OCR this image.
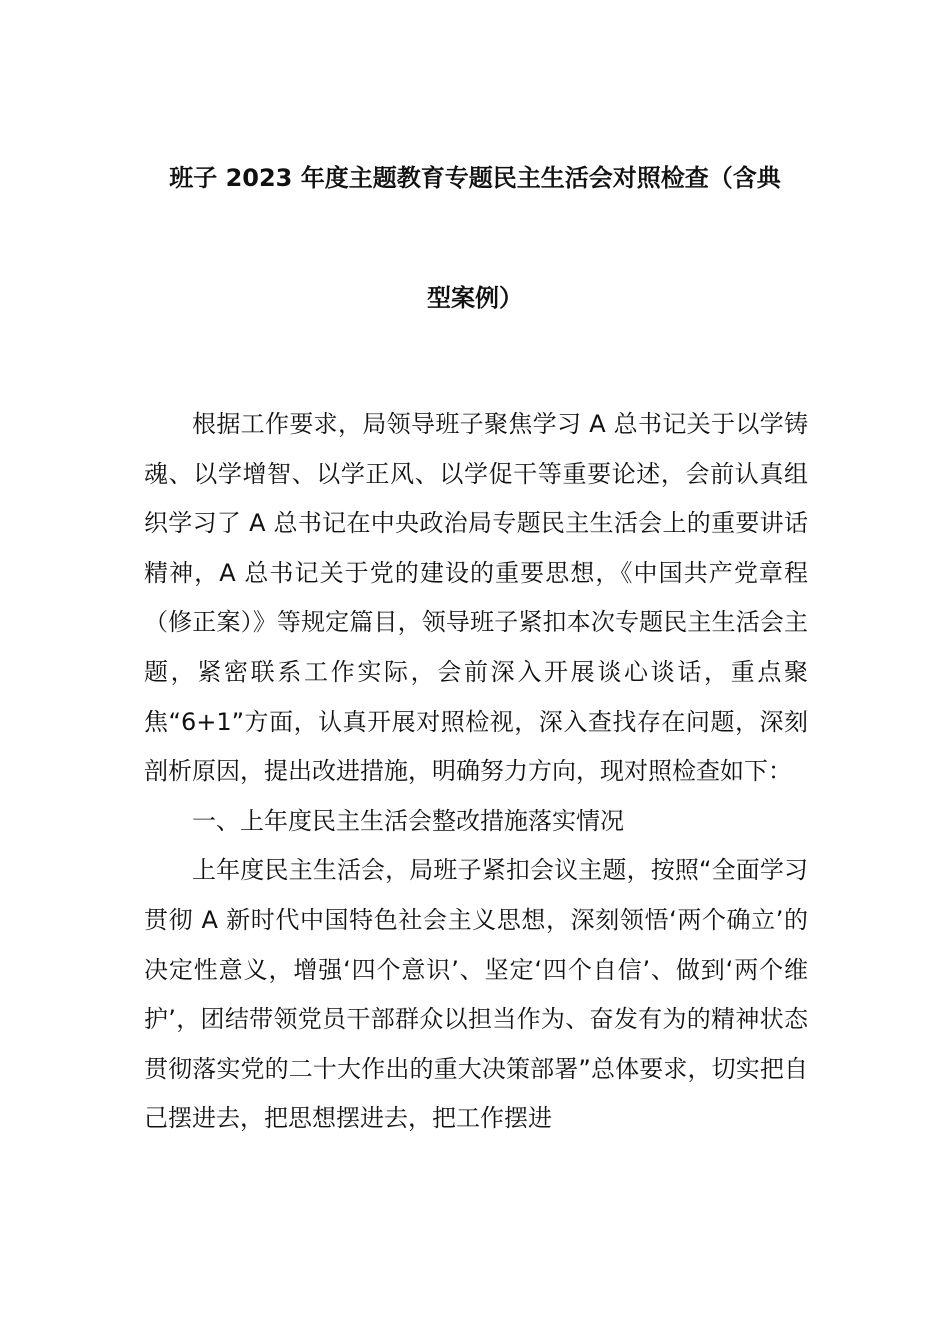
班子 2023 年度主题教育专题民主生活会对照检查（含典
型案例）

根据工作要求，局领导班子聚焦学习 A 总书记关于以学铸魂、以学增智、以学正风、以学促干等重要论述，会前认真组织学习了 A 总书记在中央政治局专题民主生活会上的重要讲话精神，A 总书记关于党的建设的重要思想，《中国共产党章程（修正案）》等规定篇目，领导班子紧扣本次专题民主生活会主题，紧密联系工作实际，会前深入开展谈心谈话，重点聚焦“6+1”方面，认真开展对照检视，深入查找存在问题，深刻剖析原因，提出改进措施，明确努力方向，现对照检查如下：

一、上年度民主生活会整改措施落实情况

上年度民主生活会，局班子紧扣会议主题，按照“全面学习贯彻 A 新时代中国特色社会主义思想，深刻领悟‘两个确立’的决定性意义，增强‘四个意识’、坚定‘四个自信’、做到‘两个维护’，团结带领党员干部群众以担当作为、奋发有为的精神状态贯彻落实党的二十大作出的重大决策部署”总体要求，切实把自己摆进去，把思想摆进去，把工作摆进
